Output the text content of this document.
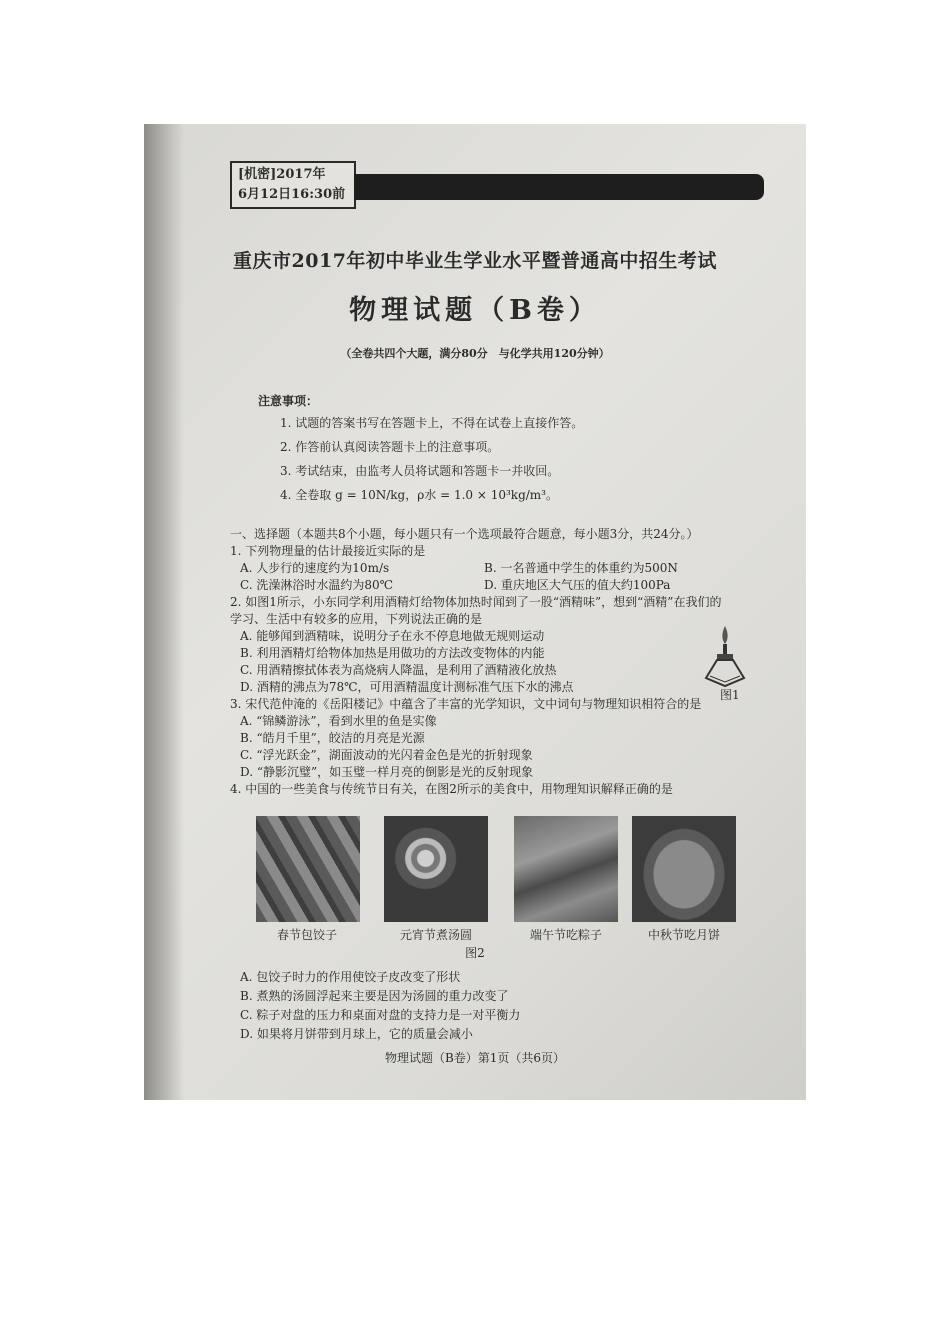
[机密]2017年
6月12日16:30前
重庆市2017年初中毕业生学业水平暨普通高中招生考试
物理试题（B卷）
（全卷共四个大题，满分80分　与化学共用120分钟）
注意事项：
1. 试题的答案书写在答题卡上，不得在试卷上直接作答。
2. 作答前认真阅读答题卡上的注意事项。
3. 考试结束，由监考人员将试题和答题卡一并收回。
4. 全卷取 g = 10N/kg，ρ水 = 1.0 × 10³kg/m³。
一、选择题（本题共8个小题，每小题只有一个选项最符合题意，每小题3分，共24分。）
1. 下列物理量的估计最接近实际的是
A. 人步行的速度约为10m/s	B. 一名普通中学生的体重约为500N
C. 洗澡淋浴时水温约为80℃	D. 重庆地区大气压的值大约100Pa
2. 如图1所示，小东同学利用酒精灯给物体加热时闻到了一股“酒精味”，想到“酒精”在我们的
学习、生活中有较多的应用，下列说法正确的是
A. 能够闻到酒精味，说明分子在永不停息地做无规则运动
B. 利用酒精灯给物体加热是用做功的方法改变物体的内能
C. 用酒精擦拭体表为高烧病人降温，是利用了酒精液化放热
D. 酒精的沸点为78℃，可用酒精温度计测标准气压下水的沸点
3. 宋代范仲淹的《岳阳楼记》中蕴含了丰富的光学知识，文中词句与物理知识相符合的是
A. “锦鳞游泳”，看到水里的鱼是实像
B. “皓月千里”，皎洁的月亮是光源
C. “浮光跃金”，湖面波动的光闪着金色是光的折射现象
D. “静影沉璧”，如玉璧一样月亮的倒影是光的反射现象
4. 中国的一些美食与传统节日有关，在图2所示的美食中，用物理知识解释正确的是
图1
春节包饺子	元宵节煮汤圆	端午节吃粽子	中秋节吃月饼
图2
A. 包饺子时力的作用使饺子皮改变了形状
B. 煮熟的汤圆浮起来主要是因为汤圆的重力改变了
C. 粽子对盘的压力和桌面对盘的支持力是一对平衡力
D. 如果将月饼带到月球上，它的质量会减小
物理试题（B卷）第1页（共6页）
